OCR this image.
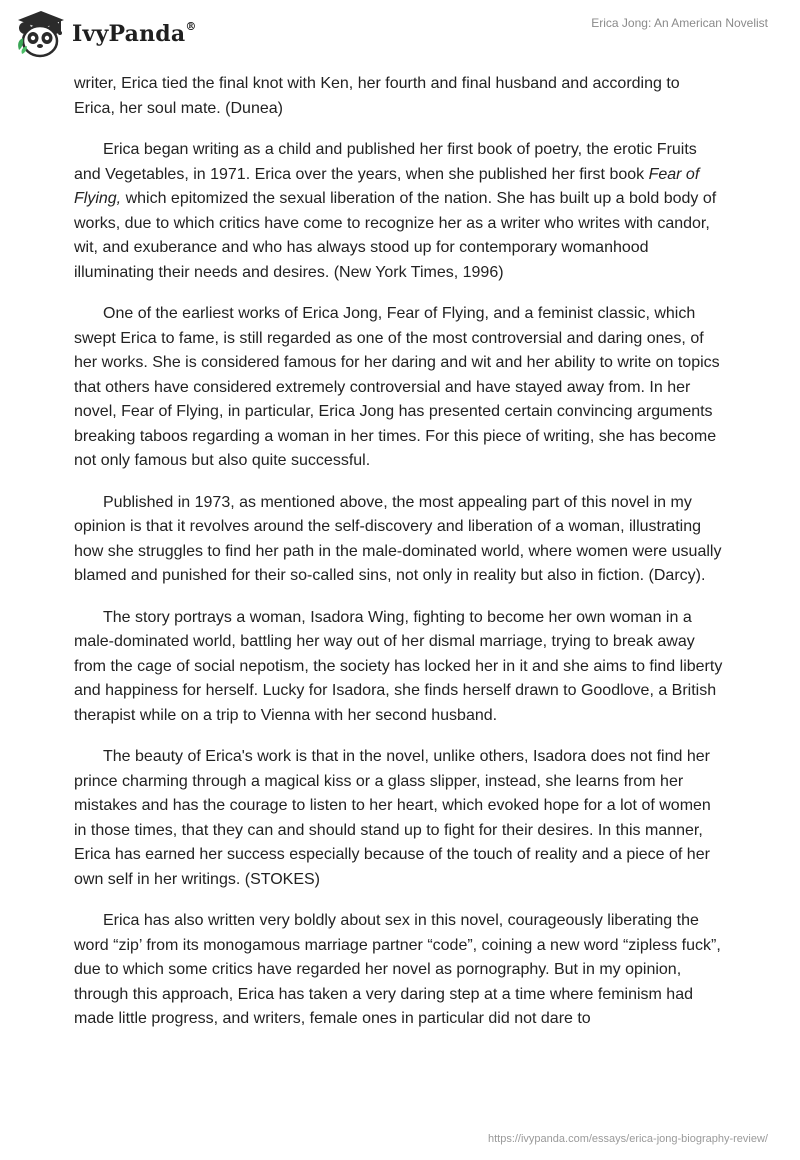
IvyPanda®	Erica Jong: An American Novelist

writer, Erica tied the final knot with Ken, her fourth and final husband and according to Erica, her soul mate. (Dunea)

Erica began writing as a child and published her first book of poetry, the erotic Fruits and Vegetables, in 1971. Erica over the years, when she published her first book Fear of Flying, which epitomized the sexual liberation of the nation. She has built up a bold body of works, due to which critics have come to recognize her as a writer who writes with candor, wit, and exuberance and who has always stood up for contemporary womanhood illuminating their needs and desires. (New York Times, 1996)

One of the earliest works of Erica Jong, Fear of Flying, and a feminist classic, which swept Erica to fame, is still regarded as one of the most controversial and daring ones, of her works. She is considered famous for her daring and wit and her ability to write on topics that others have considered extremely controversial and have stayed away from. In her novel, Fear of Flying, in particular, Erica Jong has presented certain convincing arguments breaking taboos regarding a woman in her times. For this piece of writing, she has become not only famous but also quite successful.

Published in 1973, as mentioned above, the most appealing part of this novel in my opinion is that it revolves around the self-discovery and liberation of a woman, illustrating how she struggles to find her path in the male-dominated world, where women were usually blamed and punished for their so-called sins, not only in reality but also in fiction. (Darcy).

The story portrays a woman, Isadora Wing, fighting to become her own woman in a male-dominated world, battling her way out of her dismal marriage, trying to break away from the cage of social nepotism, the society has locked her in it and she aims to find liberty and happiness for herself. Lucky for Isadora, she finds herself drawn to Goodlove, a British therapist while on a trip to Vienna with her second husband.

The beauty of Erica's work is that in the novel, unlike others, Isadora does not find her prince charming through a magical kiss or a glass slipper, instead, she learns from her mistakes and has the courage to listen to her heart, which evoked hope for a lot of women in those times, that they can and should stand up to fight for their desires. In this manner, Erica has earned her success especially because of the touch of reality and a piece of her own self in her writings. (STOKES)

Erica has also written very boldly about sex in this novel, courageously liberating the word “zip’ from its monogamous marriage partner “code”, coining a new word “zipless fuck”, due to which some critics have regarded her novel as pornography. But in my opinion, through this approach, Erica has taken a very daring step at a time where feminism had made little progress, and writers, female ones in particular did not dare to

https://ivypanda.com/essays/erica-jong-biography-review/
